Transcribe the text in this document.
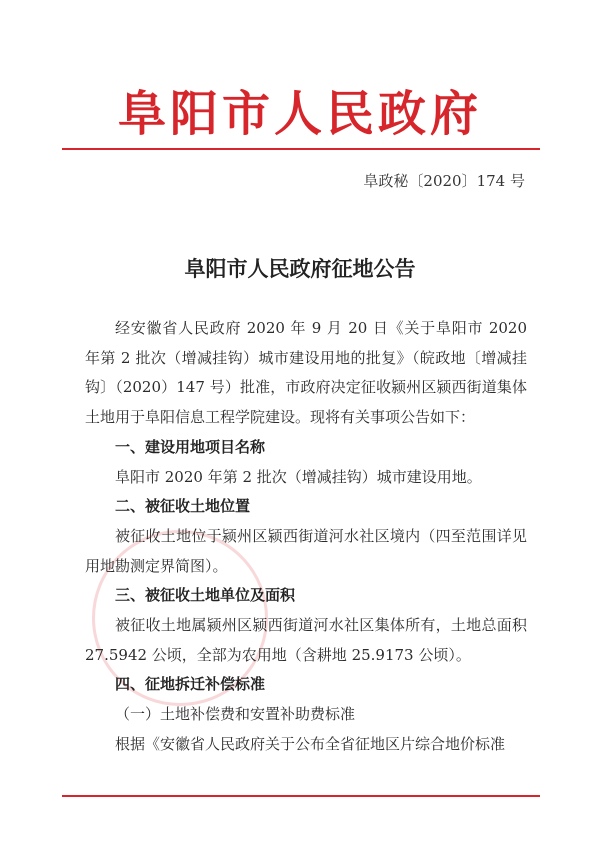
阜阳市人民政府
阜政秘〔2020〕174 号
阜阳市人民政府征地公告

经安徽省人民政府 2020 年 9 月 20 日《关于阜阳市 2020 年第 2 批次（增减挂钩）城市建设用地的批复》（皖政地〔增减挂钩〕（2020）147 号）批准，市政府决定征收颍州区颍西街道集体土地用于阜阳信息工程学院建设。现将有关事项公告如下：

一、建设用地项目名称

阜阳市 2020 年第 2 批次（增减挂钩）城市建设用地。

二、被征收土地位置

被征收土地位于颍州区颍西街道河水社区境内（四至范围详见用地勘测定界简图）。

三、被征收土地单位及面积

被征收土地属颍州区颍西街道河水社区集体所有，土地总面积 27.5942 公顷，全部为农用地（含耕地 25.9173 公顷）。

四、征地拆迁补偿标准

（一）土地补偿费和安置补助费标准

根据《安徽省人民政府关于公布全省征地区片综合地价标准
